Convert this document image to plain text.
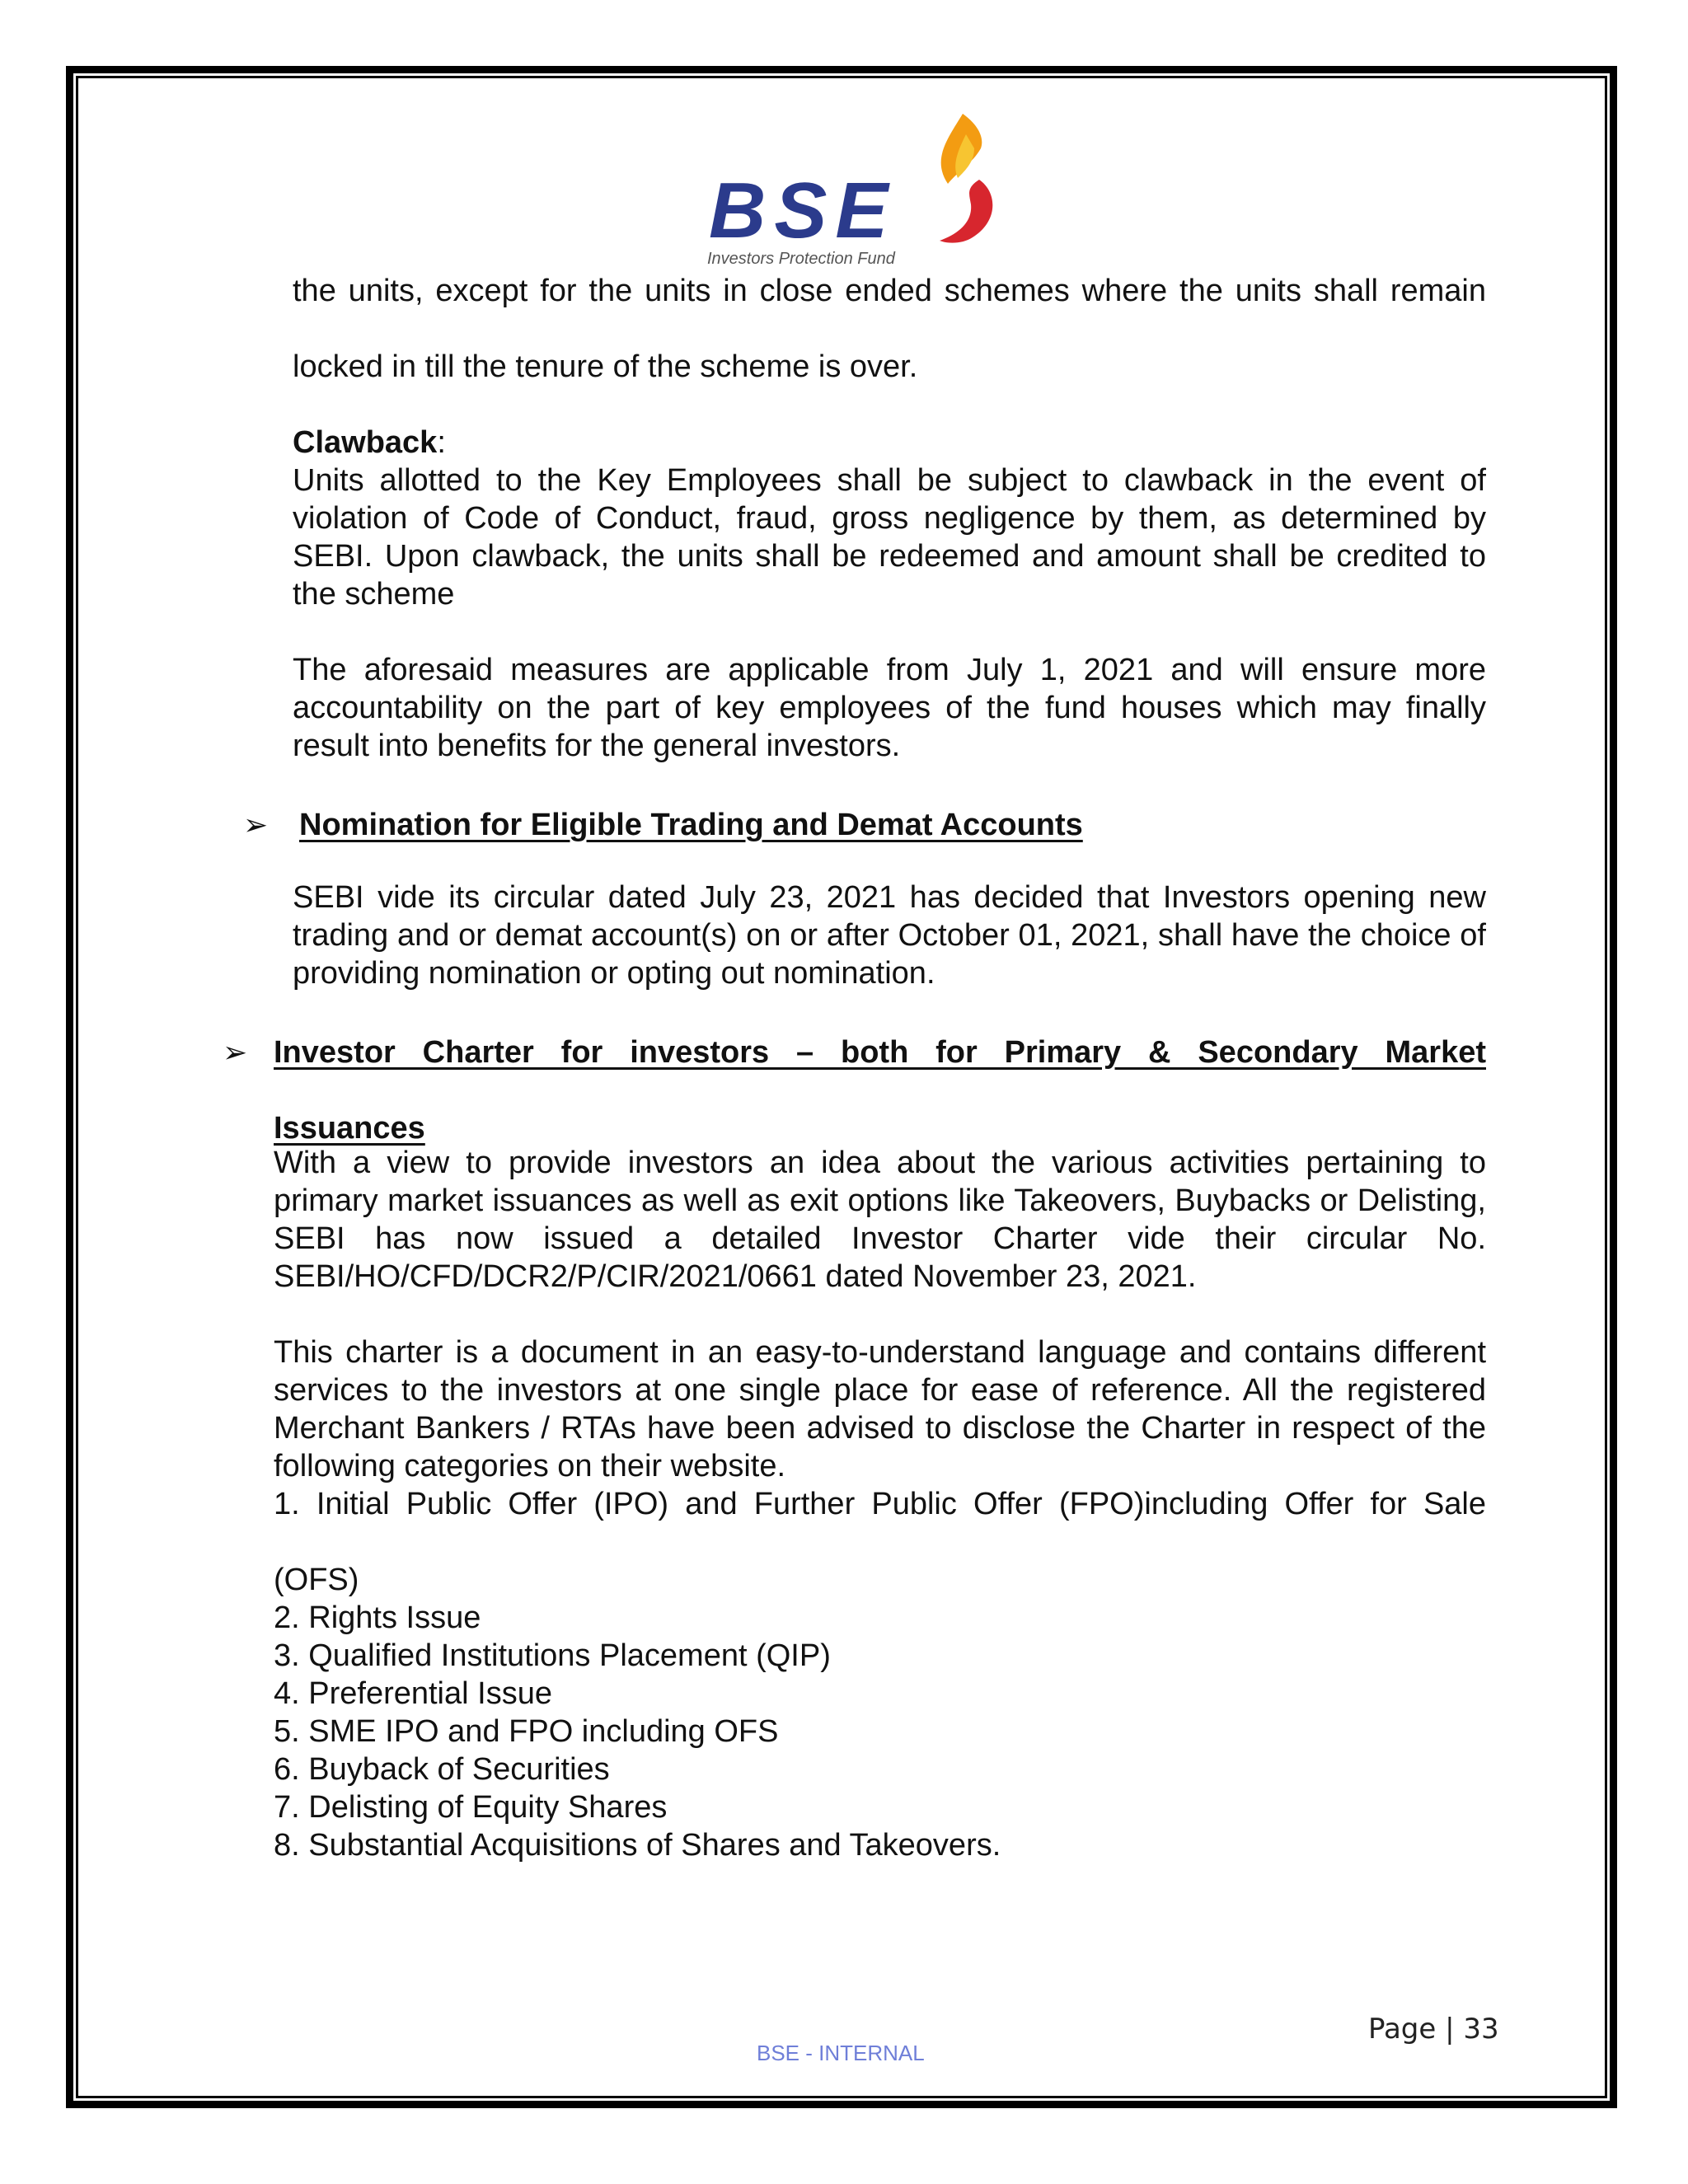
BSE
Investors Protection Fund

the units, except for the units in close ended schemes where the units shall remain

locked in till the tenure of the scheme is over.

Clawback:
Units allotted to the Key Employees shall be subject to clawback in the event of violation of Code of Conduct, fraud, gross negligence by them, as determined by SEBI. Upon clawback, the units shall be redeemed and amount shall be credited to the scheme
The aforesaid measures are applicable from July 1, 2021 and will ensure more accountability on the part of key employees of the fund houses which may finally result into benefits for the general investors.
➢ Nomination for Eligible Trading and Demat Accounts
SEBI vide its circular dated July 23, 2021 has decided that Investors opening new trading and or demat account(s) on or after October 01, 2021, shall have the choice of providing nomination or opting out nomination.
➢ Investor Charter for investors – both for Primary & Secondary Market
Issuances
With a view to provide investors an idea about the various activities pertaining to primary market issuances as well as exit options like Takeovers, Buybacks or Delisting, SEBI has now issued a detailed Investor Charter vide their circular No. SEBI/HO/CFD/DCR2/P/CIR/2021/0661 dated November 23, 2021.
This charter is a document in an easy-to-understand language and contains different services to the investors at one single place for ease of reference. All the registered Merchant Bankers / RTAs have been advised to disclose the Charter in respect of the following categories on their website.
1. Initial Public Offer (IPO) and Further Public Offer (FPO)including Offer for Sale
(OFS)
2. Rights Issue
3. Qualified Institutions Placement (QIP)
4. Preferential Issue
5. SME IPO and FPO including OFS
6. Buyback of Securities
7. Delisting of Equity Shares
8. Substantial Acquisitions of Shares and Takeovers.
Page | 33
BSE - INTERNAL
